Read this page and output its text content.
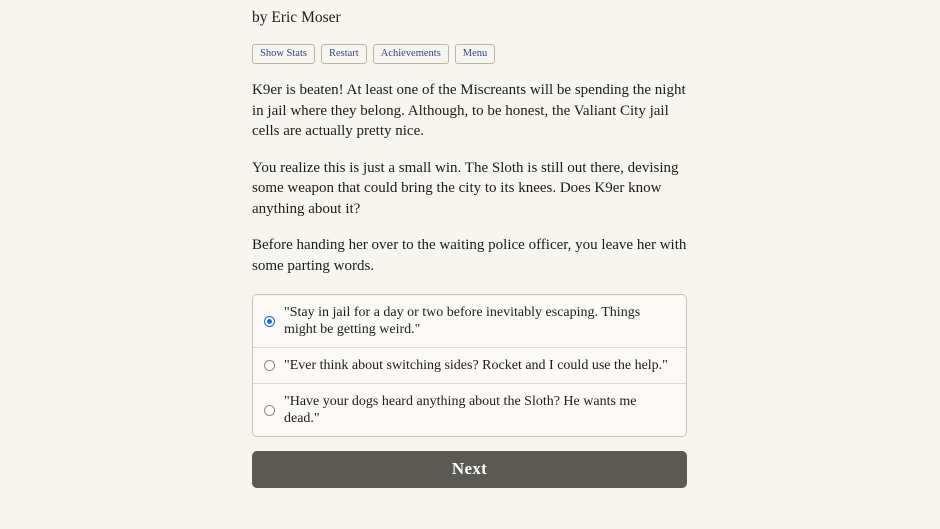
by Eric Moser

Show Stats	Restart	Achievements	Menu

K9er is beaten! At least one of the Miscreants will be spending the night in jail where they belong. Although, to be honest, the Valiant City jail cells are actually pretty nice.

You realize this is just a small win. The Sloth is still out there, devising some weapon that could bring the city to its knees. Does K9er know anything about it?

Before handing her over to the waiting police officer, you leave her with some parting words.

"Stay in jail for a day or two before inevitably escaping. Things might be getting weird."
"Ever think about switching sides? Rocket and I could use the help."
"Have your dogs heard anything about the Sloth? He wants me dead."
Next
